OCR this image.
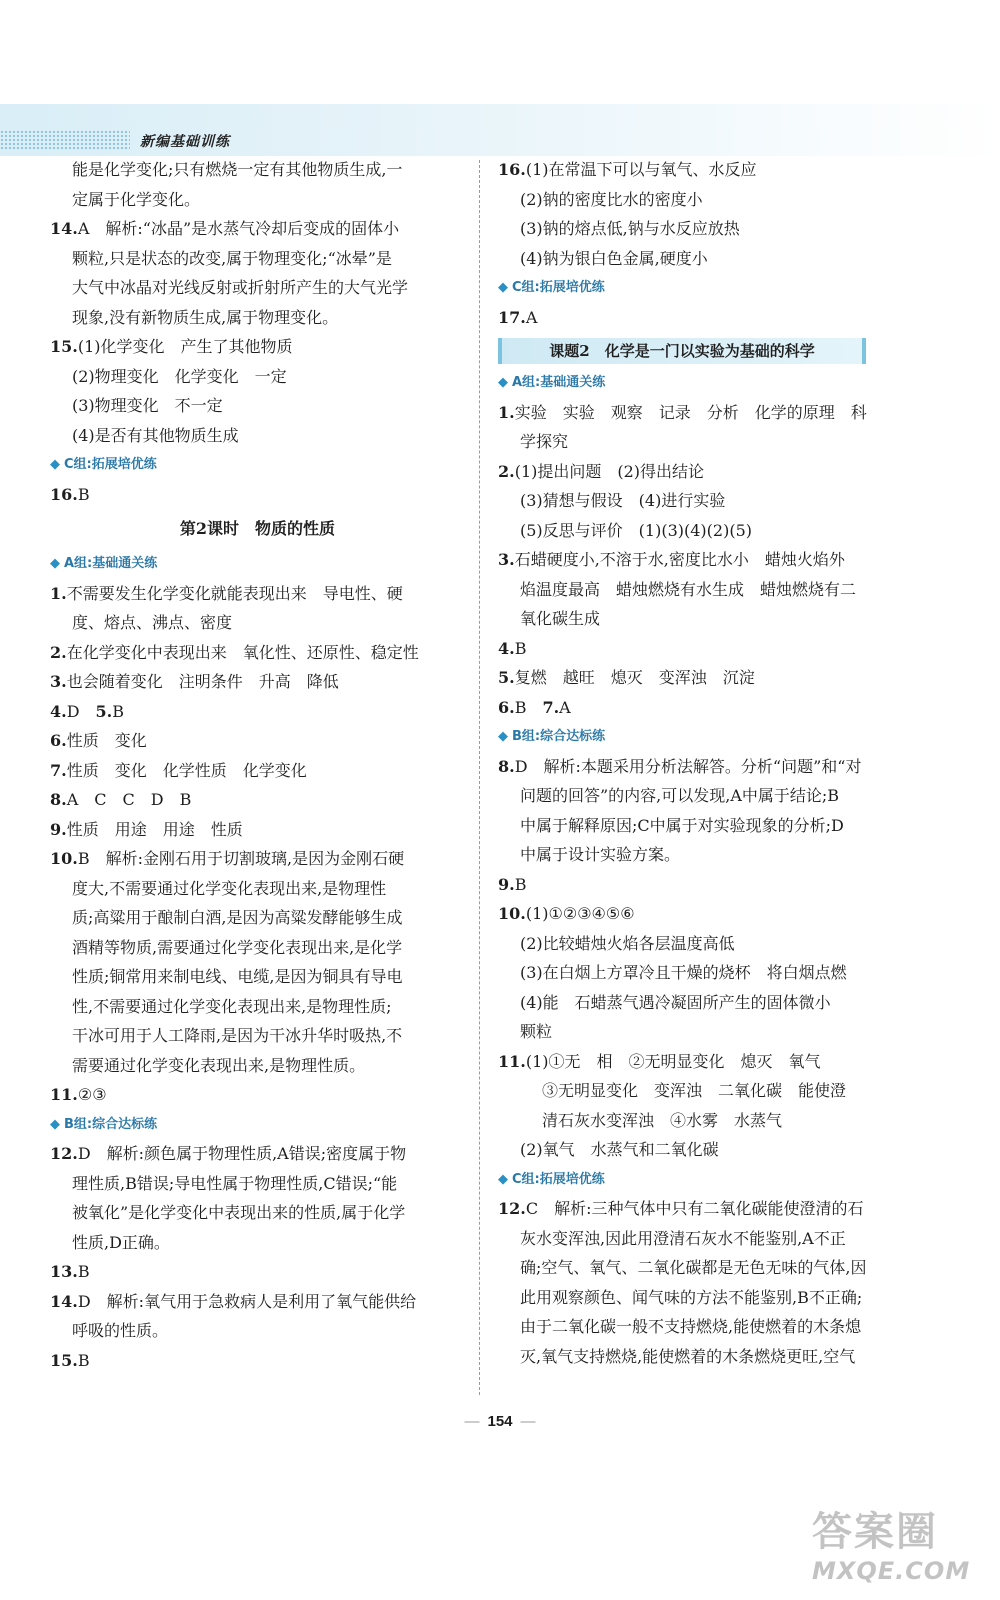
新编基础训练
能是化学变化;只有燃烧一定有其他物质生成,一
定属于化学变化。
14.A　解析:“冰晶”是水蒸气冷却后变成的固体小
颗粒,只是状态的改变,属于物理变化;“冰晕”是
大气中冰晶对光线反射或折射所产生的大气光学
现象,没有新物质生成,属于物理变化。
15.(1)化学变化　产生了其他物质
(2)物理变化　化学变化　一定
(3)物理变化　不一定
(4)是否有其他物质生成
◆ C组:拓展培优练
16.B
第2课时　物质的性质
◆ A组:基础通关练
1.不需要发生化学变化就能表现出来　导电性、硬
度、熔点、沸点、密度
2.在化学变化中表现出来　氧化性、还原性、稳定性
3.也会随着变化　注明条件　升高　降低
4.D　5.B
6.性质　变化
7.性质　变化　化学性质　化学变化
8.A　C　C　D　B
9.性质　用途　用途　性质
10.B　解析:金刚石用于切割玻璃,是因为金刚石硬
度大,不需要通过化学变化表现出来,是物理性
质;高粱用于酿制白酒,是因为高粱发酵能够生成
酒精等物质,需要通过化学变化表现出来,是化学
性质;铜常用来制电线、电缆,是因为铜具有导电
性,不需要通过化学变化表现出来,是物理性质;
干冰可用于人工降雨,是因为干冰升华时吸热,不
需要通过化学变化表现出来,是物理性质。
11.②③
◆ B组:综合达标练
12.D　解析:颜色属于物理性质,A错误;密度属于物
理性质,B错误;导电性属于物理性质,C错误;“能
被氧化”是化学变化中表现出来的性质,属于化学
性质,D正确。
13.B
14.D　解析:氧气用于急救病人是利用了氧气能供给
呼吸的性质。
15.B
16.(1)在常温下可以与氧气、水反应
(2)钠的密度比水的密度小
(3)钠的熔点低,钠与水反应放热
(4)钠为银白色金属,硬度小
◆ C组:拓展培优练
17.A
课题2　化学是一门以实验为基础的科学
◆ A组:基础通关练
1.实验　实验　观察　记录　分析　化学的原理　科
学探究
2.(1)提出问题　(2)得出结论
(3)猜想与假设　(4)进行实验
(5)反思与评价　(1)(3)(4)(2)(5)
3.石蜡硬度小,不溶于水,密度比水小　蜡烛火焰外
焰温度最高　蜡烛燃烧有水生成　蜡烛燃烧有二
氧化碳生成
4.B
5.复燃　越旺　熄灭　变浑浊　沉淀
6.B　7.A
◆ B组:综合达标练
8.D　解析:本题采用分析法解答。分析“问题”和“对
问题的回答”的内容,可以发现,A中属于结论;B
中属于解释原因;C中属于对实验现象的分析;D
中属于设计实验方案。
9.B
10.(1)①②③④⑤⑥
(2)比较蜡烛火焰各层温度高低
(3)在白烟上方罩冷且干燥的烧杯　将白烟点燃
(4)能　石蜡蒸气遇冷凝固所产生的固体微小
颗粒
11.(1)①无　相　②无明显变化　熄灭　氧气
③无明显变化　变浑浊　二氧化碳　能使澄
清石灰水变浑浊　④水雾　水蒸气
(2)氧气　水蒸气和二氧化碳
◆ C组:拓展培优练
12.C　解析:三种气体中只有二氧化碳能使澄清的石
灰水变浑浊,因此用澄清石灰水不能鉴别,A不正
确;空气、氧气、二氧化碳都是无色无味的气体,因
此用观察颜色、闻气味的方法不能鉴别,B不正确;
由于二氧化碳一般不支持燃烧,能使燃着的木条熄
灭,氧气支持燃烧,能使燃着的木条燃烧更旺,空气
— 154 —
答案圈
MXQE.COM
